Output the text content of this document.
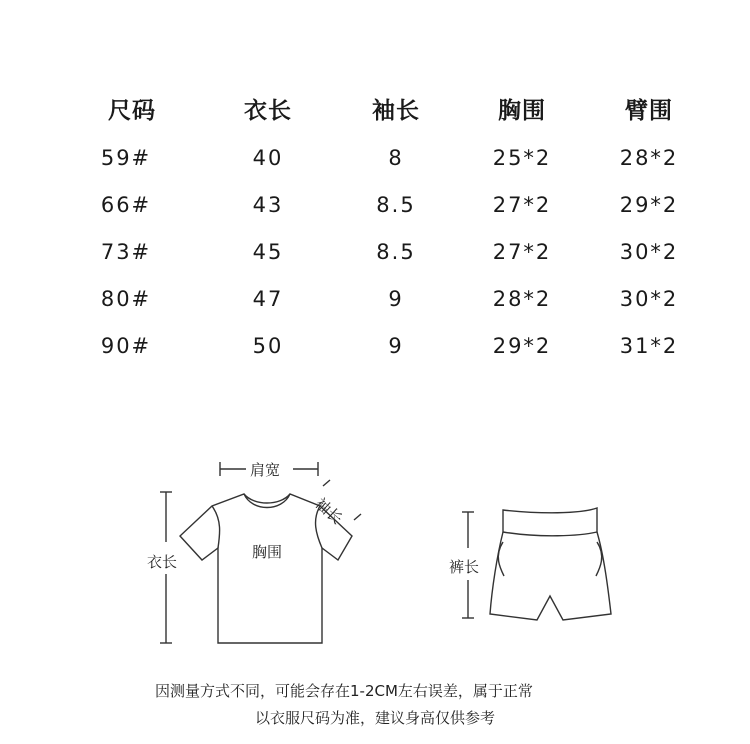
尺码	衣长	袖长	胸围	臂围
59#	40	8	25*2	28*2
66#	43	8.5	27*2	29*2
73#	45	8.5	27*2	30*2
80#	47	9	28*2	30*2
90#	50	9	29*2	31*2
肩宽
袖长
胸围
衣长	裤长
因测量方式不同，可能会存在1-2CM左右误差，属于正常
以衣服尺码为准，建议身高仅供参考
